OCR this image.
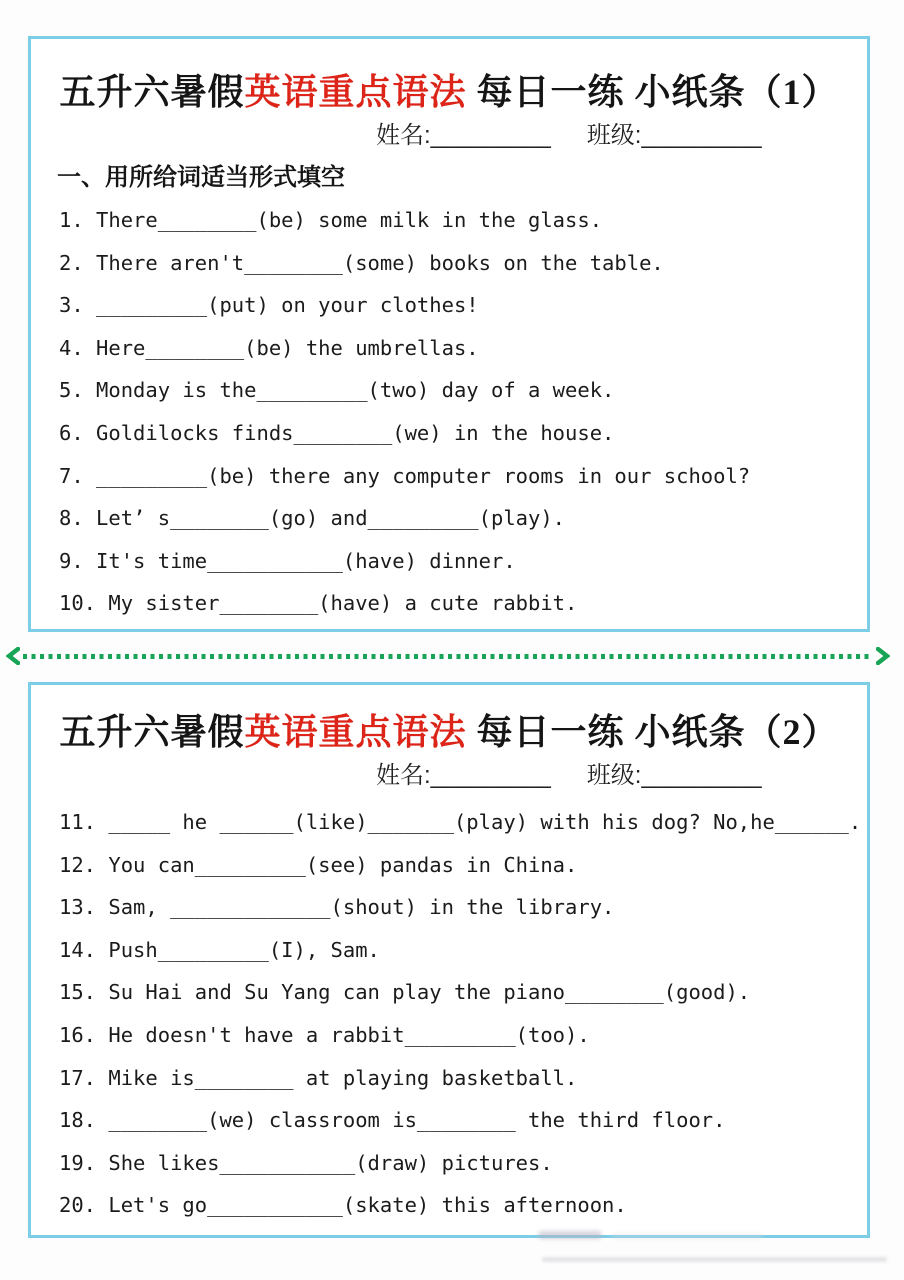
五升六暑假英语重点语法 每日一练 小纸条（1）
姓名:_________ 班级:_________
一、用所给词适当形式填空
1. There________(be) some milk in the glass.
2. There aren't________(some) books on the table.
3. _________(put) on your clothes!
4. Here________(be) the umbrellas.
5. Monday is the_________(two) day of a week.
6. Goldilocks finds________(we) in the house.
7. _________(be) there any computer rooms in our school?
8. Let’ s________(go) and_________(play).
9. It's time___________(have) dinner.
10. My sister________(have) a cute rabbit.
五升六暑假英语重点语法 每日一练 小纸条（2）
姓名:_________ 班级:_________
11. _____ he ______(like)_______(play) with his dog? No,he______.
12. You can_________(see) pandas in China.
13. Sam, _____________(shout) in the library.
14. Push_________(I), Sam.
15. Su Hai and Su Yang can play the piano________(good).
16. He doesn't have a rabbit_________(too).
17. Mike is________ at playing basketball.
18. ________(we) classroom is________ the third floor.
19. She likes___________(draw) pictures.
20. Let's go___________(skate) this afternoon.
